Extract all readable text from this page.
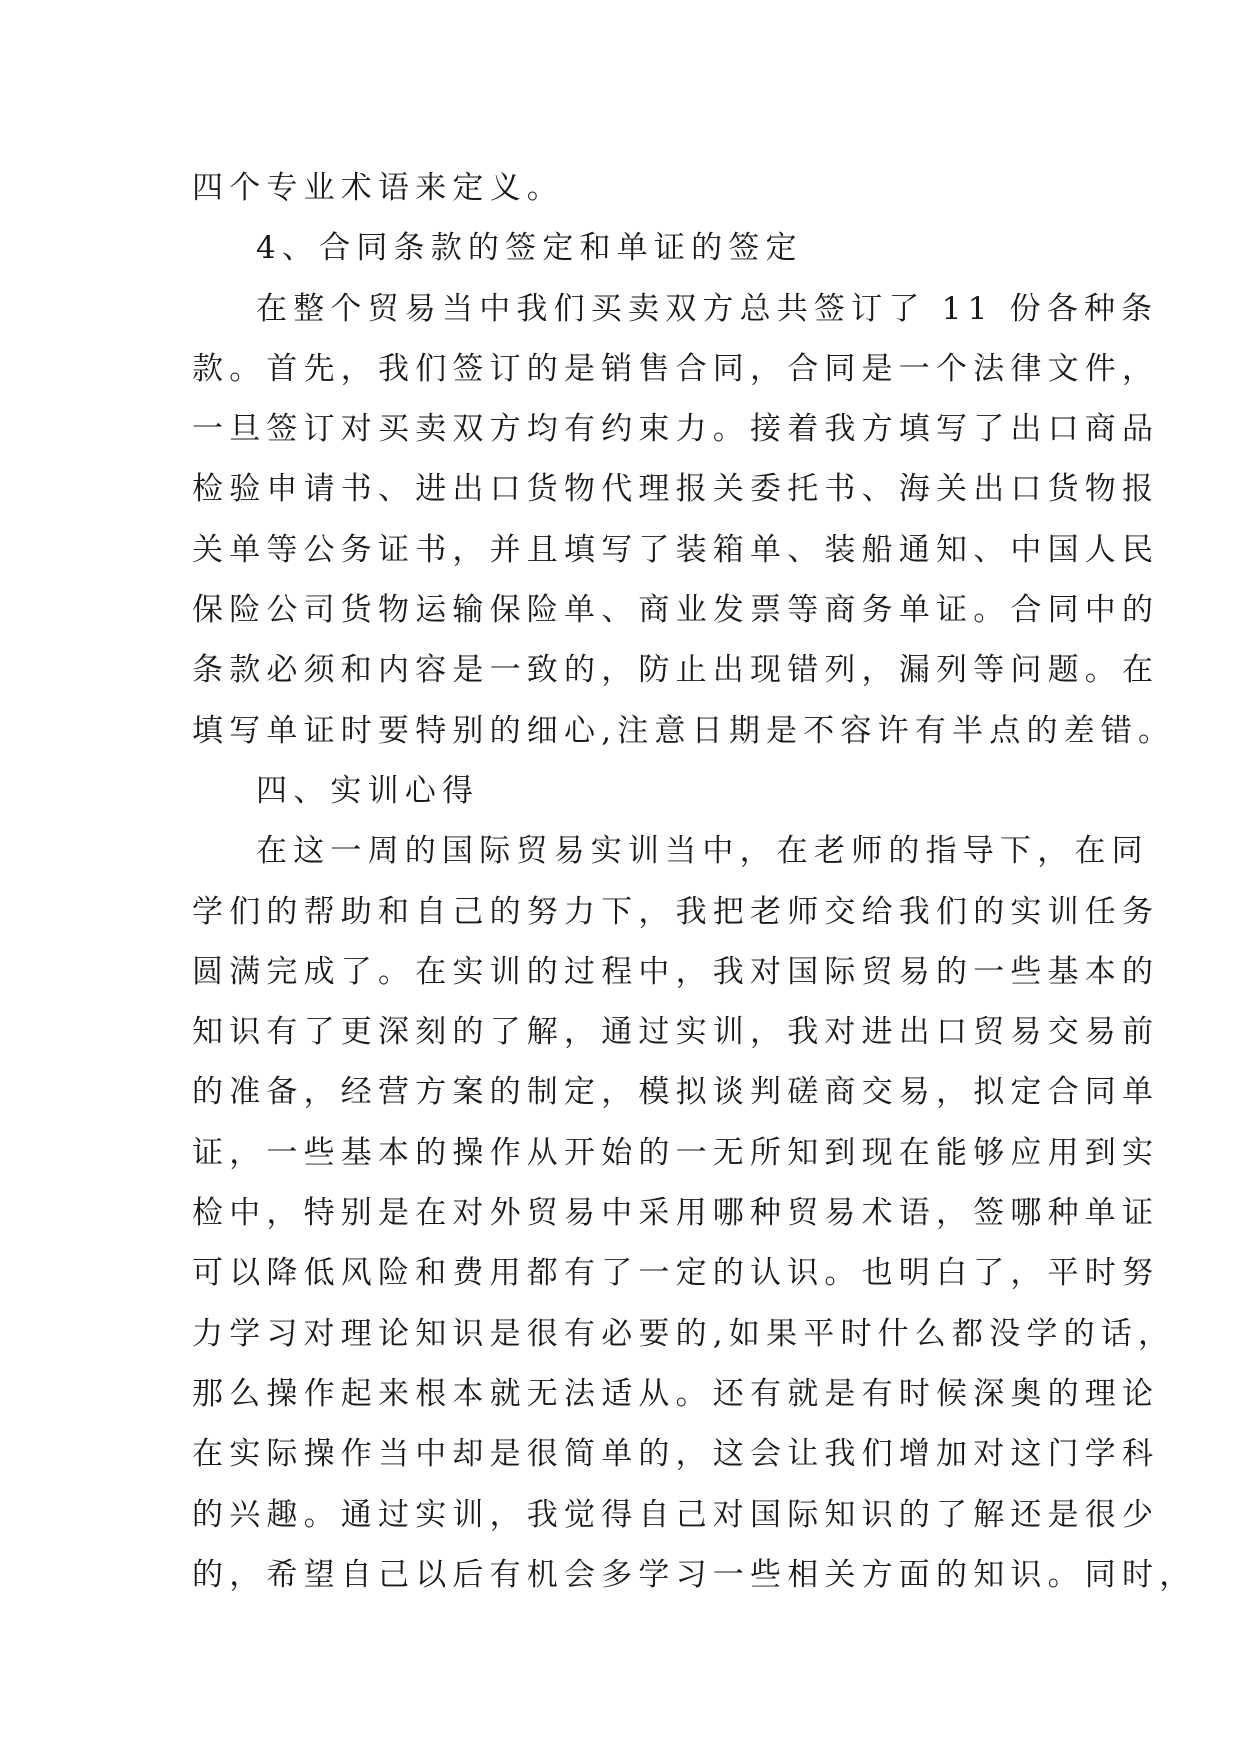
四个专业术语来定义。
4、合同条款的签定和单证的签定
在整个贸易当中我们买卖双方总共签订了 11 份各种条
款。首先，我们签订的是销售合同，合同是一个法律文件，
一旦签订对买卖双方均有约束力。接着我方填写了出口商品
检验申请书、进出口货物代理报关委托书、海关出口货物报
关单等公务证书，并且填写了装箱单、装船通知、中国人民
保险公司货物运输保险单、商业发票等商务单证。合同中的
条款必须和内容是一致的，防止出现错列，漏列等问题。在
填写单证时要特别的细心,注意日期是不容许有半点的差错。
四、实训心得
在这一周的国际贸易实训当中，在老师的指导下，在同
学们的帮助和自己的努力下，我把老师交给我们的实训任务
圆满完成了。在实训的过程中，我对国际贸易的一些基本的
知识有了更深刻的了解，通过实训，我对进出口贸易交易前
的准备，经营方案的制定，模拟谈判磋商交易，拟定合同单
证，一些基本的操作从开始的一无所知到现在能够应用到实
检中，特别是在对外贸易中采用哪种贸易术语，签哪种单证
可以降低风险和费用都有了一定的认识。也明白了，平时努
力学习对理论知识是很有必要的,如果平时什么都没学的话，
那么操作起来根本就无法适从。还有就是有时候深奥的理论
在实际操作当中却是很简单的，这会让我们增加对这门学科
的兴趣。通过实训，我觉得自己对国际知识的了解还是很少
的，希望自己以后有机会多学习一些相关方面的知识。同时，
